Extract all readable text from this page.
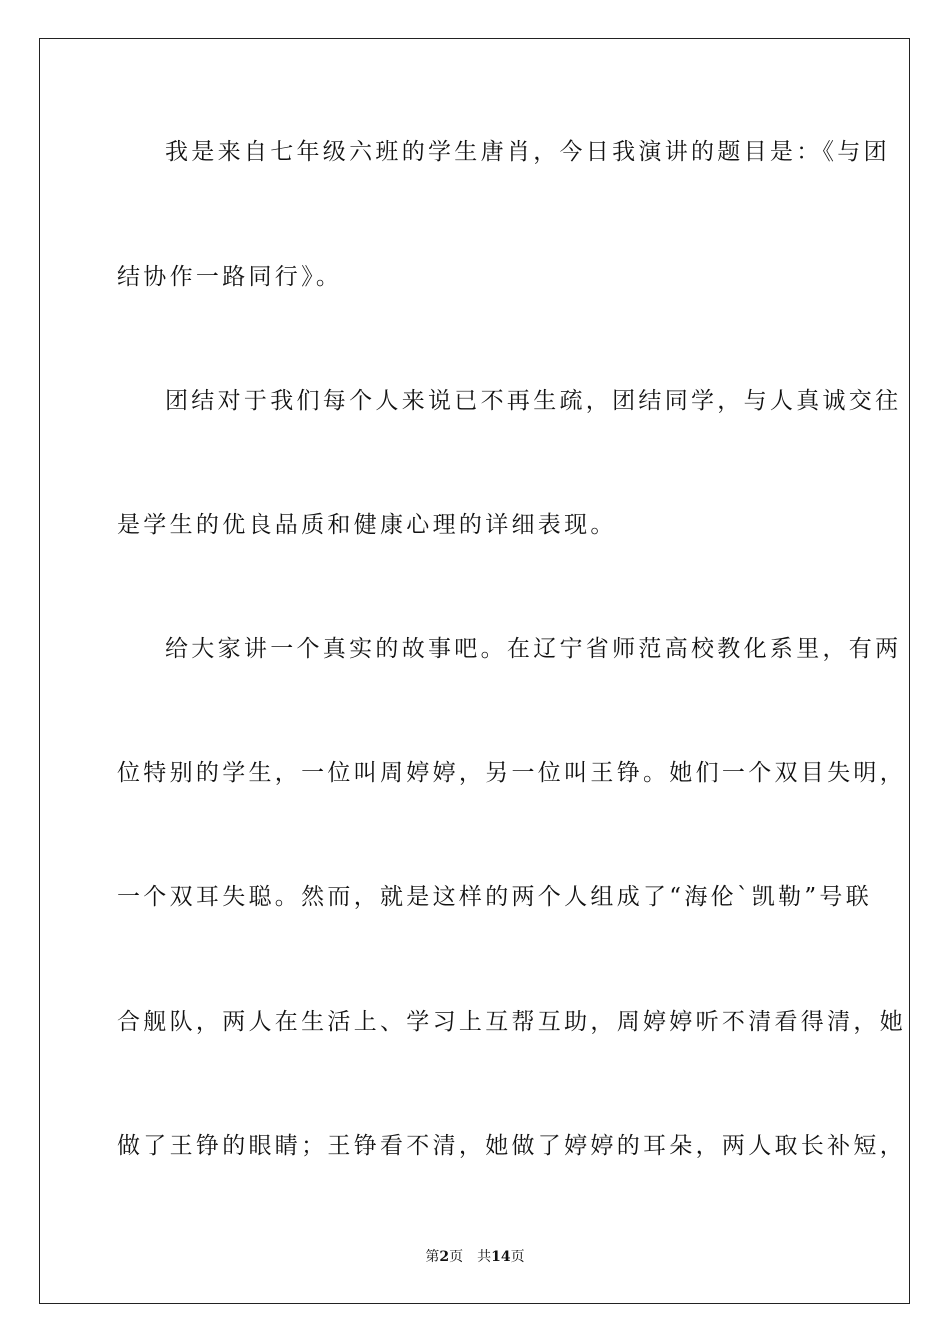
我是来自七年级六班的学生唐肖，今日我演讲的题目是：《与团
结协作一路同行》。
团结对于我们每个人来说已不再生疏，团结同学，与人真诚交往
是学生的优良品质和健康心理的详细表现。
给大家讲一个真实的故事吧。在辽宁省师范高校教化系里，有两
位特别的学生，一位叫周婷婷，另一位叫王铮。她们一个双目失明，
一个双耳失聪。然而，就是这样的两个人组成了“海伦`凯勒”号联
合舰队，两人在生活上、学习上互帮互助，周婷婷听不清看得清，她
做了王铮的眼睛；王铮看不清，她做了婷婷的耳朵，两人取长补短，
第2页 共14页
